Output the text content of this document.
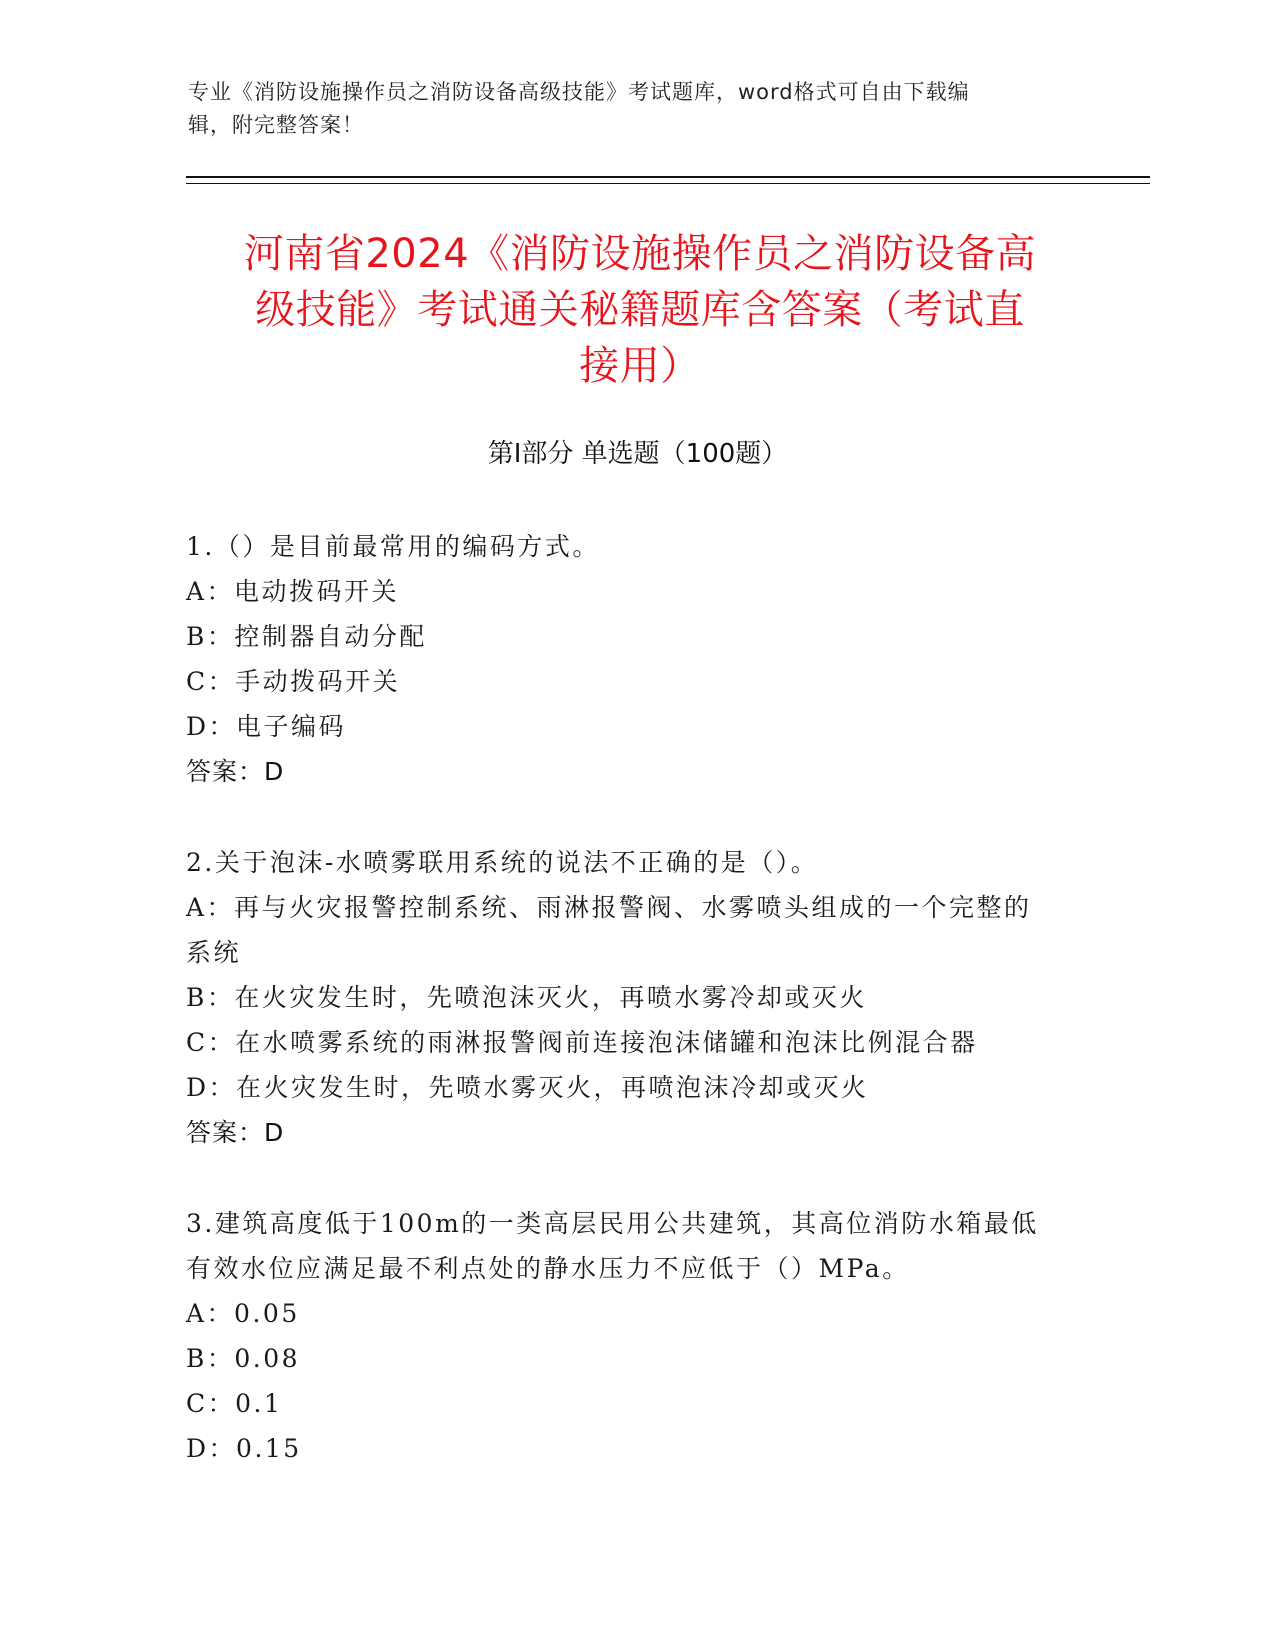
专业《消防设施操作员之消防设备高级技能》考试题库，word格式可自由下载编
辑，附完整答案！
河南省2024《消防设施操作员之消防设备高
级技能》考试通关秘籍题库含答案（考试直
接用）
第Ⅰ部分 单选题（100题）

1.（）是目前最常用的编码方式。

A：电动拨码开关

B：控制器自动分配

C：手动拨码开关

D：电子编码

答案：D

2.关于泡沫-水喷雾联用系统的说法不正确的是（）。

A：再与火灾报警控制系统、雨淋报警阀、水雾喷头组成的一个完整的

系统

B：在火灾发生时，先喷泡沫灭火，再喷水雾冷却或灭火

C：在水喷雾系统的雨淋报警阀前连接泡沫储罐和泡沫比例混合器

D：在火灾发生时，先喷水雾灭火，再喷泡沫冷却或灭火

答案：D

3.建筑高度低于100m的一类高层民用公共建筑，其高位消防水箱最低

有效水位应满足最不利点处的静水压力不应低于（）MPa。

A：0.05

B：0.08

C：0.1

D：0.15
